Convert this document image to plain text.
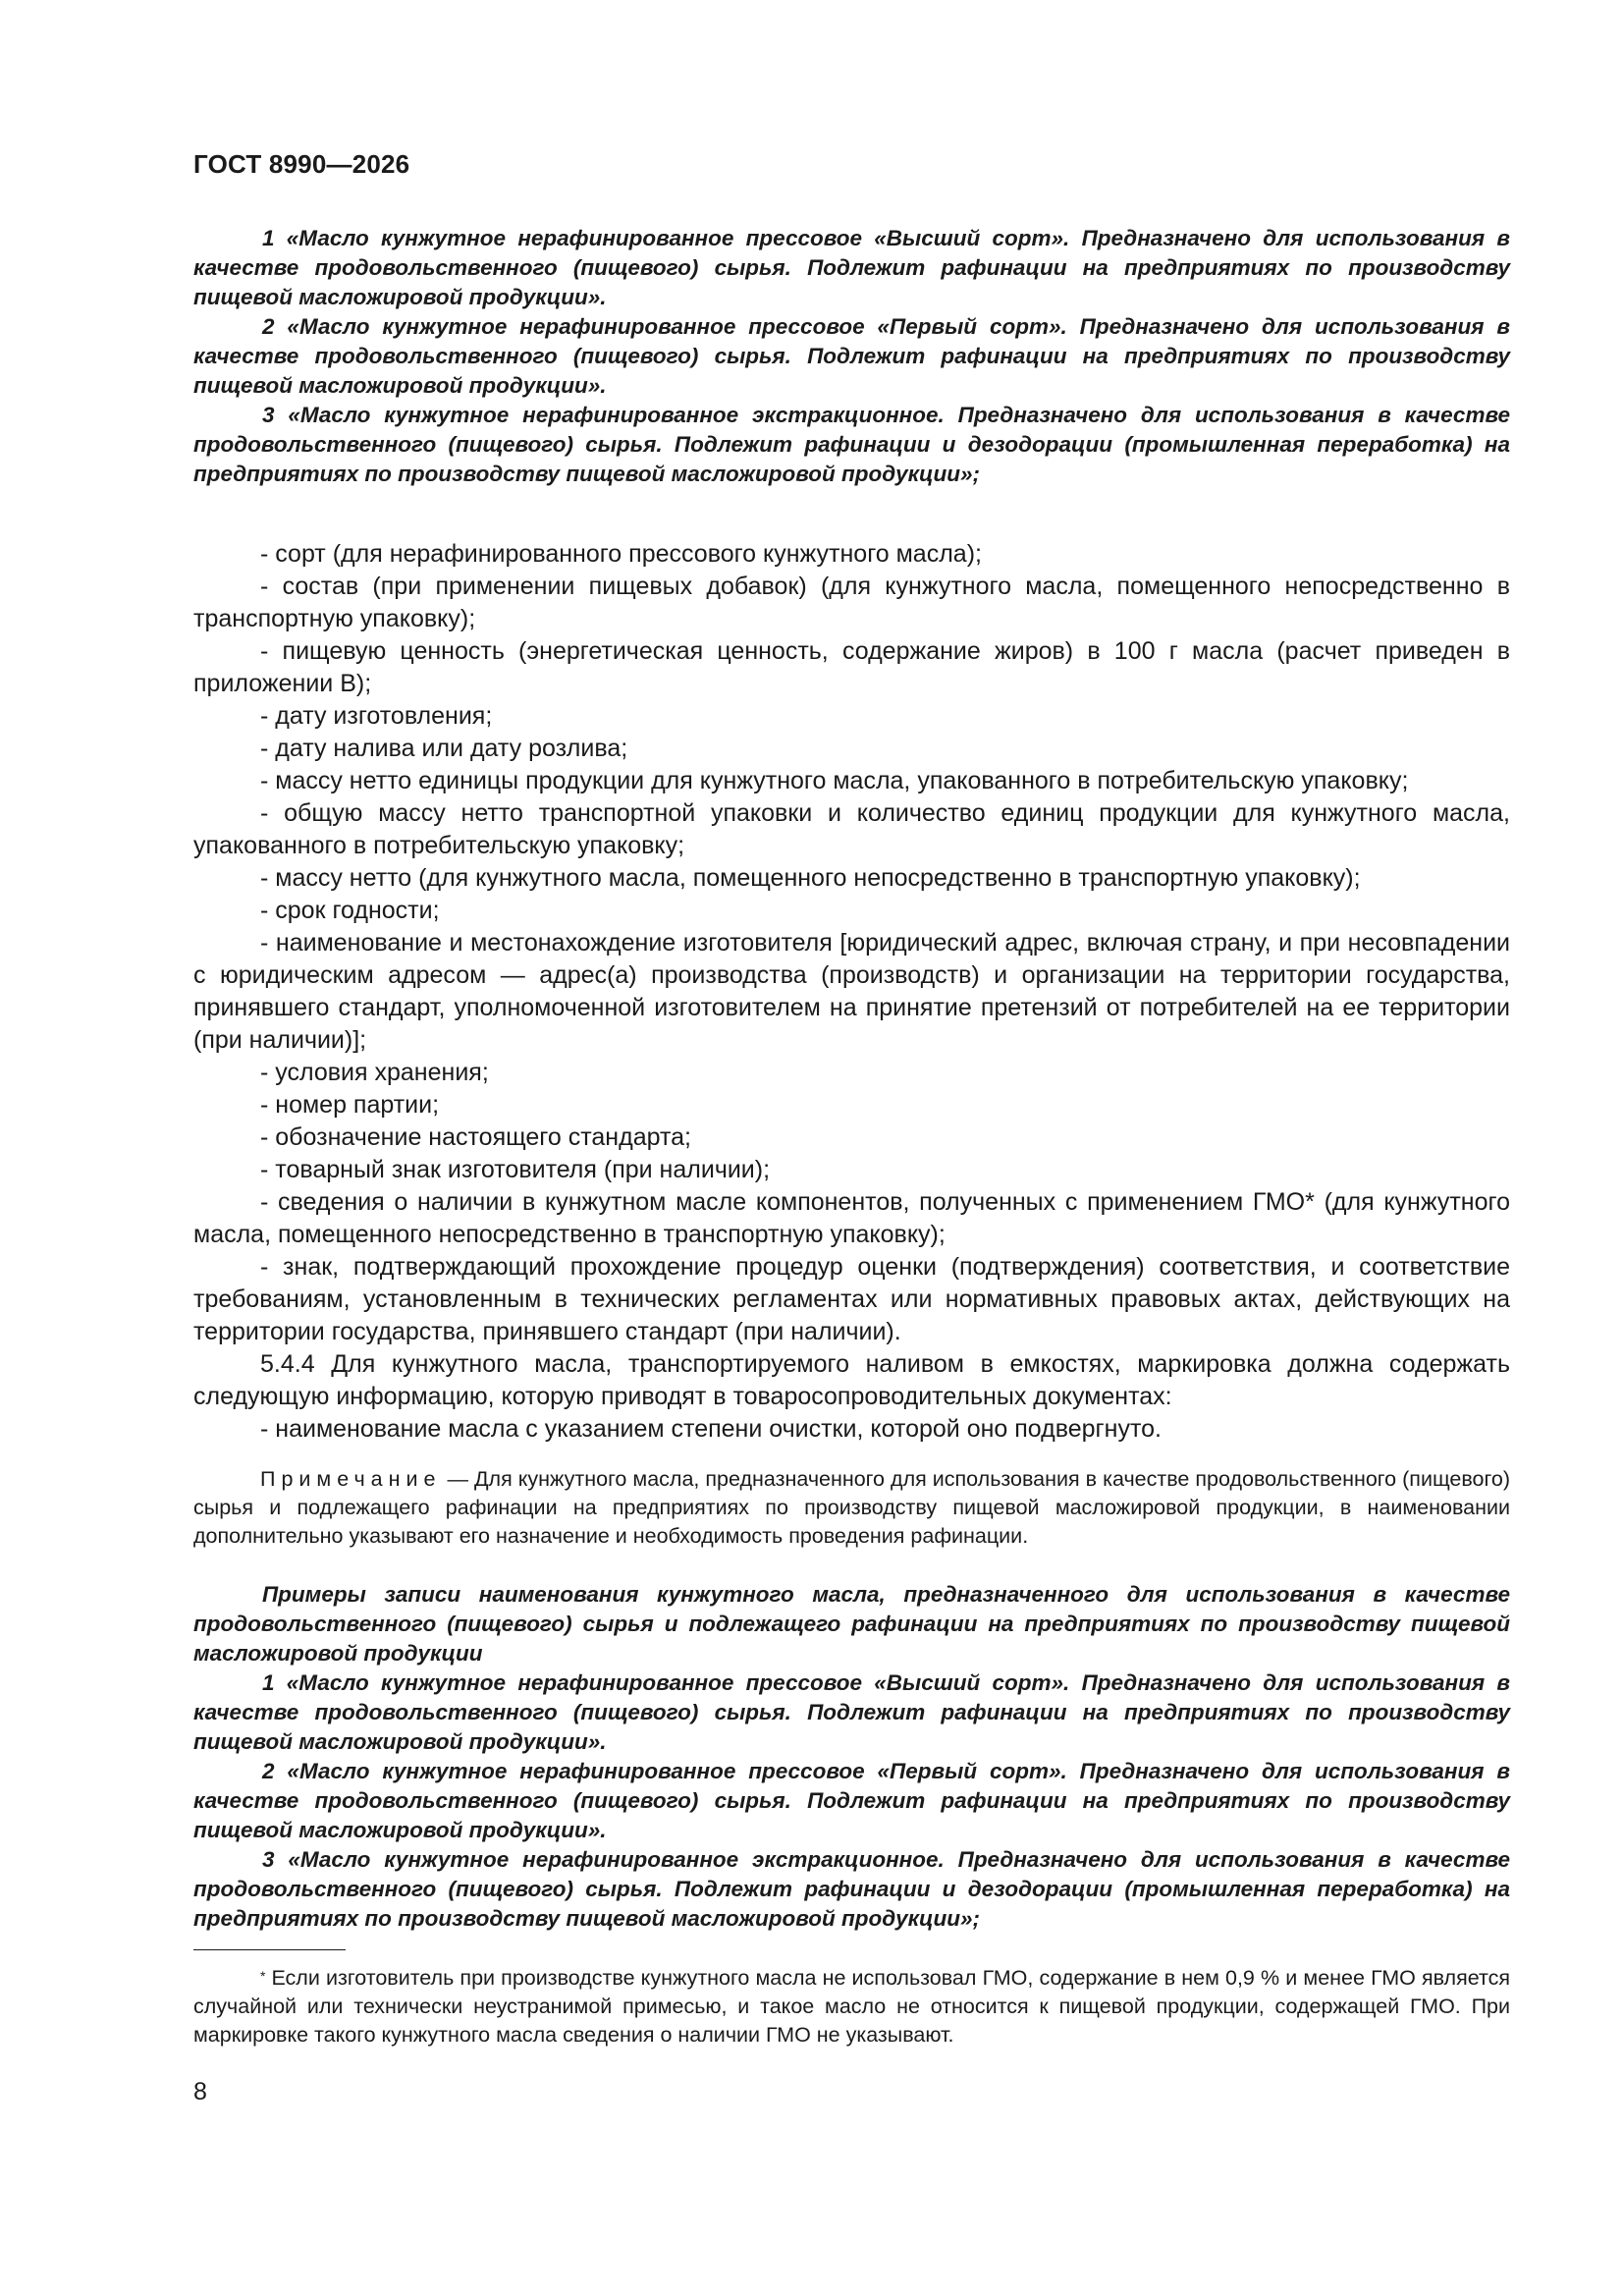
ГОСТ 8990—2026

1 «Масло кунжутное нерафинированное прессовое «Высший сорт». Предназначено для использования в качестве продовольственного (пищевого) сырья. Подлежит рафинации на предприятиях по производству пищевой масложировой продукции».

2 «Масло кунжутное нерафинированное прессовое «Первый сорт». Предназначено для использования в качестве продовольственного (пищевого) сырья. Подлежит рафинации на предприятиях по производству пищевой масложировой продукции».

3 «Масло кунжутное нерафинированное экстракционное. Предназначено для использования в качестве продовольственного (пищевого) сырья. Подлежит рафинации и дезодорации (промышленная переработка) на предприятиях по производству пищевой масложировой продукции»;

- сорт (для нерафинированного прессового кунжутного масла);

- состав (при применении пищевых добавок) (для кунжутного масла, помещенного непосредственно в транспортную упаковку);

- пищевую ценность (энергетическая ценность, содержание жиров) в 100 г масла (расчет приведен в приложении В);

- дату изготовления;

- дату налива или дату розлива;

- массу нетто единицы продукции для кунжутного масла, упакованного в потребительскую упаковку;

- общую массу нетто транспортной упаковки и количество единиц продукции для кунжутного масла, упакованного в потребительскую упаковку;

- массу нетто (для кунжутного масла, помещенного непосредственно в транспортную упаковку);

- срок годности;

- наименование и местонахождение изготовителя [юридический адрес, включая страну, и при несовпадении с юридическим адресом — адрес(а) производства (производств) и организации на территории государства, принявшего стандарт, уполномоченной изготовителем на принятие претензий от потребителей на ее территории (при наличии)];

- условия хранения;

- номер партии;

- обозначение настоящего стандарта;

- товарный знак изготовителя (при наличии);

- сведения о наличии в кунжутном масле компонентов, полученных с применением ГМО* (для кунжутного масла, помещенного непосредственно в транспортную упаковку);

- знак, подтверждающий прохождение процедур оценки (подтверждения) соответствия, и соответствие требованиям, установленным в технических регламентах или нормативных правовых актах, действующих на территории государства, принявшего стандарт (при наличии).

5.4.4 Для кунжутного масла, транспортируемого наливом в емкостях, маркировка должна содержать следующую информацию, которую приводят в товаросопроводительных документах:

- наименование масла с указанием степени очистки, которой оно подвергнуто.

Примечание — Для кунжутного масла, предназначенного для использования в качестве продовольственного (пищевого) сырья и подлежащего рафинации на предприятиях по производству пищевой масложировой продукции, в наименовании дополнительно указывают его назначение и необходимость проведения рафинации.

Примеры записи наименования кунжутного масла, предназначенного для использования в качестве продовольственного (пищевого) сырья и подлежащего рафинации на предприятиях по производству пищевой масложировой продукции

1 «Масло кунжутное нерафинированное прессовое «Высший сорт». Предназначено для использования в качестве продовольственного (пищевого) сырья. Подлежит рафинации на предприятиях по производству пищевой масложировой продукции».

2 «Масло кунжутное нерафинированное прессовое «Первый сорт». Предназначено для использования в качестве продовольственного (пищевого) сырья. Подлежит рафинации на предприятиях по производству пищевой масложировой продукции».

3 «Масло кунжутное нерафинированное экстракционное. Предназначено для использования в качестве продовольственного (пищевого) сырья. Подлежит рафинации и дезодорации (промышленная переработка) на предприятиях по производству пищевой масложировой продукции»;

* Если изготовитель при производстве кунжутного масла не использовал ГМО, содержание в нем 0,9 % и менее ГМО является случайной или технически неустранимой примесью, и такое масло не относится к пищевой продукции, содержащей ГМО. При маркировке такого кунжутного масла сведения о наличии ГМО не указывают.

8
